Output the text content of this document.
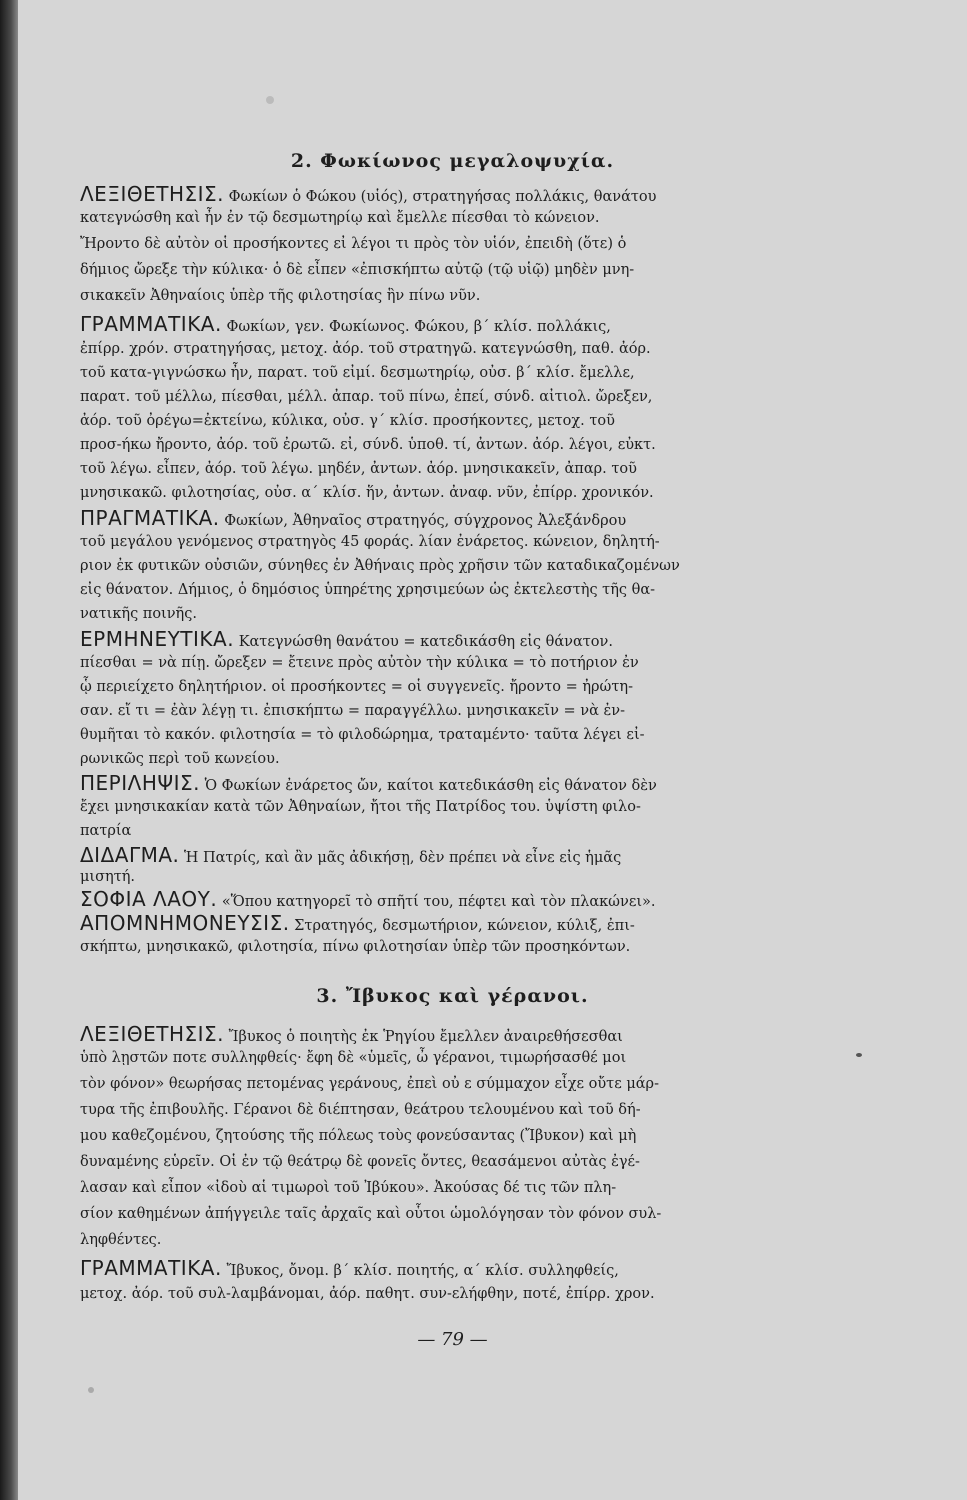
2. Φωκίωνος μεγαλοψυχία.
ΛΕΞΙΘΕΤΗΣΙΣ. Φωκίων ὁ Φώκου (υἱός), στρατηγήσας πολλάκις, θανάτου
κατεγνώσθη καὶ ἦν ἐν τῷ δεσμωτηρίῳ καὶ ἔμελλε πίεσθαι τὸ κώνειον.
Ἤροντο δὲ αὐτὸν οἱ προσήκοντες εἰ λέγοι τι πρὸς τὸν υἱόν, ἐπειδὴ (ὅτε) ὁ
δήμιος ὤρεξε τὴν κύλικα· ὁ δὲ εἶπεν «ἐπισκήπτω αὐτῷ (τῷ υἱῷ) μηδὲν μνη-
σικακεῖν Ἀθηναίοις ὑπὲρ τῆς φιλοτησίας ἣν πίνω νῦν.
ΓΡΑΜΜΑΤΙΚΑ. Φωκίων, γεν. Φωκίωνος. Φώκου, β΄ κλίσ. πολλάκις,
ἐπίρρ. χρόν. στρατηγήσας, μετοχ. ἀόρ. τοῦ στρατηγῶ. κατεγνώσθη, παθ. ἀόρ.
τοῦ κατα-γιγνώσκω ἦν, παρατ. τοῦ εἰμί. δεσμωτηρίῳ, οὐσ. β΄ κλίσ. ἔμελλε,
παρατ. τοῦ μέλλω, πίεσθαι, μέλλ. ἀπαρ. τοῦ πίνω, ἐπεί, σύνδ. αἰτιολ. ὤρεξεν,
ἀόρ. τοῦ ὀρέγω=ἐκτείνω, κύλικα, οὐσ. γ΄ κλίσ. προσήκοντες, μετοχ. τοῦ
προσ-ήκω ἤροντο, ἀόρ. τοῦ ἐρωτῶ. εἰ, σύνδ. ὑποθ. τί, ἀντων. ἀόρ. λέγοι, εὐκτ.
τοῦ λέγω. εἶπεν, ἀόρ. τοῦ λέγω. μηδέν, ἀντων. ἀόρ. μνησικακεῖν, ἀπαρ. τοῦ
μνησικακῶ. φιλοτησίας, οὐσ. α΄ κλίσ. ἥν, ἀντων. ἀναφ. νῦν, ἐπίρρ. χρονικόν.
ΠΡΑΓΜΑΤΙΚΑ. Φωκίων, Ἀθηναῖος στρατηγός, σύγχρονος Ἀλεξάνδρου
τοῦ μεγάλου γενόμενος στρατηγὸς 45 φοράς. λίαν ἐνάρετος. κώνειον, δηλητή-
ριον ἐκ φυτικῶν οὐσιῶν, σύνηθες ἐν Ἀθήναις πρὸς χρῆσιν τῶν καταδικαζομένων
εἰς θάνατον. Δήμιος, ὁ δημόσιος ὑπηρέτης χρησιμεύων ὡς ἐκτελεστὴς τῆς θα-
νατικῆς ποινῆς.
ΕΡΜΗΝΕΥΤΙΚΑ. Κατεγνώσθη θανάτου = κατεδικάσθη εἰς θάνατον.
πίεσθαι = νὰ πίῃ. ὤρεξεν = ἔτεινε πρὸς αὐτὸν τὴν κύλικα = τὸ ποτήριον ἐν
ᾧ περιείχετο δηλητήριον. οἱ προσήκοντες = οἱ συγγενεῖς. ἤροντο = ἠρώτη-
σαν. εἴ τι = ἐὰν λέγῃ τι. ἐπισκήπτω = παραγγέλλω. μνησικακεῖν = νὰ ἐν-
θυμῆται τὸ κακόν. φιλοτησία = τὸ φιλοδώρημα, τραταμέντο· ταῦτα λέγει εἰ-
ρωνικῶς περὶ τοῦ κωνείου.
ΠΕΡΙΛΗΨΙΣ. Ὁ Φωκίων ἐνάρετος ὤν, καίτοι κατεδικάσθη εἰς θάνατον δὲν
ἔχει μνησικακίαν κατὰ τῶν Ἀθηναίων, ἤτοι τῆς Πατρίδος του. ὑψίστη φιλο-
πατρία
ΔΙΔΑΓΜΑ. Ἡ Πατρίς, καὶ ἂν μᾶς ἀδικήσῃ, δὲν πρέπει νὰ εἶνε εἰς ἡμᾶς
μισητή.
ΣΟΦΙΑ ΛΑΟΥ. «Ὅπου κατηγορεῖ τὸ σπῆτί του, πέφτει καὶ τὸν πλακώνει».
ΑΠΟΜΝΗΜΟΝΕΥΣΙΣ. Στρατηγός, δεσμωτήριον, κώνειον, κύλιξ, ἐπι-
σκήπτω, μνησικακῶ, φιλοτησία, πίνω φιλοτησίαν ὑπὲρ τῶν προσηκόντων.
3. Ἴβυκος καὶ γέρανοι.
ΛΕΞΙΘΕΤΗΣΙΣ. Ἴβυκος ὁ ποιητὴς ἐκ Ῥηγίου ἔμελλεν ἀναιρεθήσεσθαι
ὑπὸ λῃστῶν ποτε συλληφθείς· ἔφη δὲ «ὑμεῖς, ὦ γέρανοι, τιμωρήσασθέ μοι
τὸν φόνον» θεωρήσας πετομένας γεράνους, ἐπεὶ οὐ ε σύμμαχον εἶχε οὔτε μάρ-
τυρα τῆς ἐπιβουλῆς. Γέρανοι δὲ διέπτησαν, θεάτρου τελουμένου καὶ τοῦ δή-
μου καθεζομένου, ζητούσης τῆς πόλεως τοὺς φονεύσαντας (Ἴβυκον) καὶ μὴ
δυναμένης εὑρεῖν. Οἱ ἐν τῷ θεάτρῳ δὲ φονεῖς ὄντες, θεασάμενοι αὐτὰς ἐγέ-
λασαν καὶ εἶπον «ἰδοὺ αἱ τιμωροὶ τοῦ Ἰβύκου». Ἀκούσας δέ τις τῶν πλη-
σίον καθημένων ἀπήγγειλε ταῖς ἀρχαῖς καὶ οὗτοι ὡμολόγησαν τὸν φόνον συλ-
ληφθέντες.
ΓΡΑΜΜΑΤΙΚΑ. Ἴβυκος, ὄνομ. β΄ κλίσ. ποιητής, α΄ κλίσ. συλληφθείς,
μετοχ. ἀόρ. τοῦ συλ-λαμβάνομαι, ἀόρ. παθητ. συν-ελήφθην, ποτέ, ἐπίρρ. χρον.
— 79 —
